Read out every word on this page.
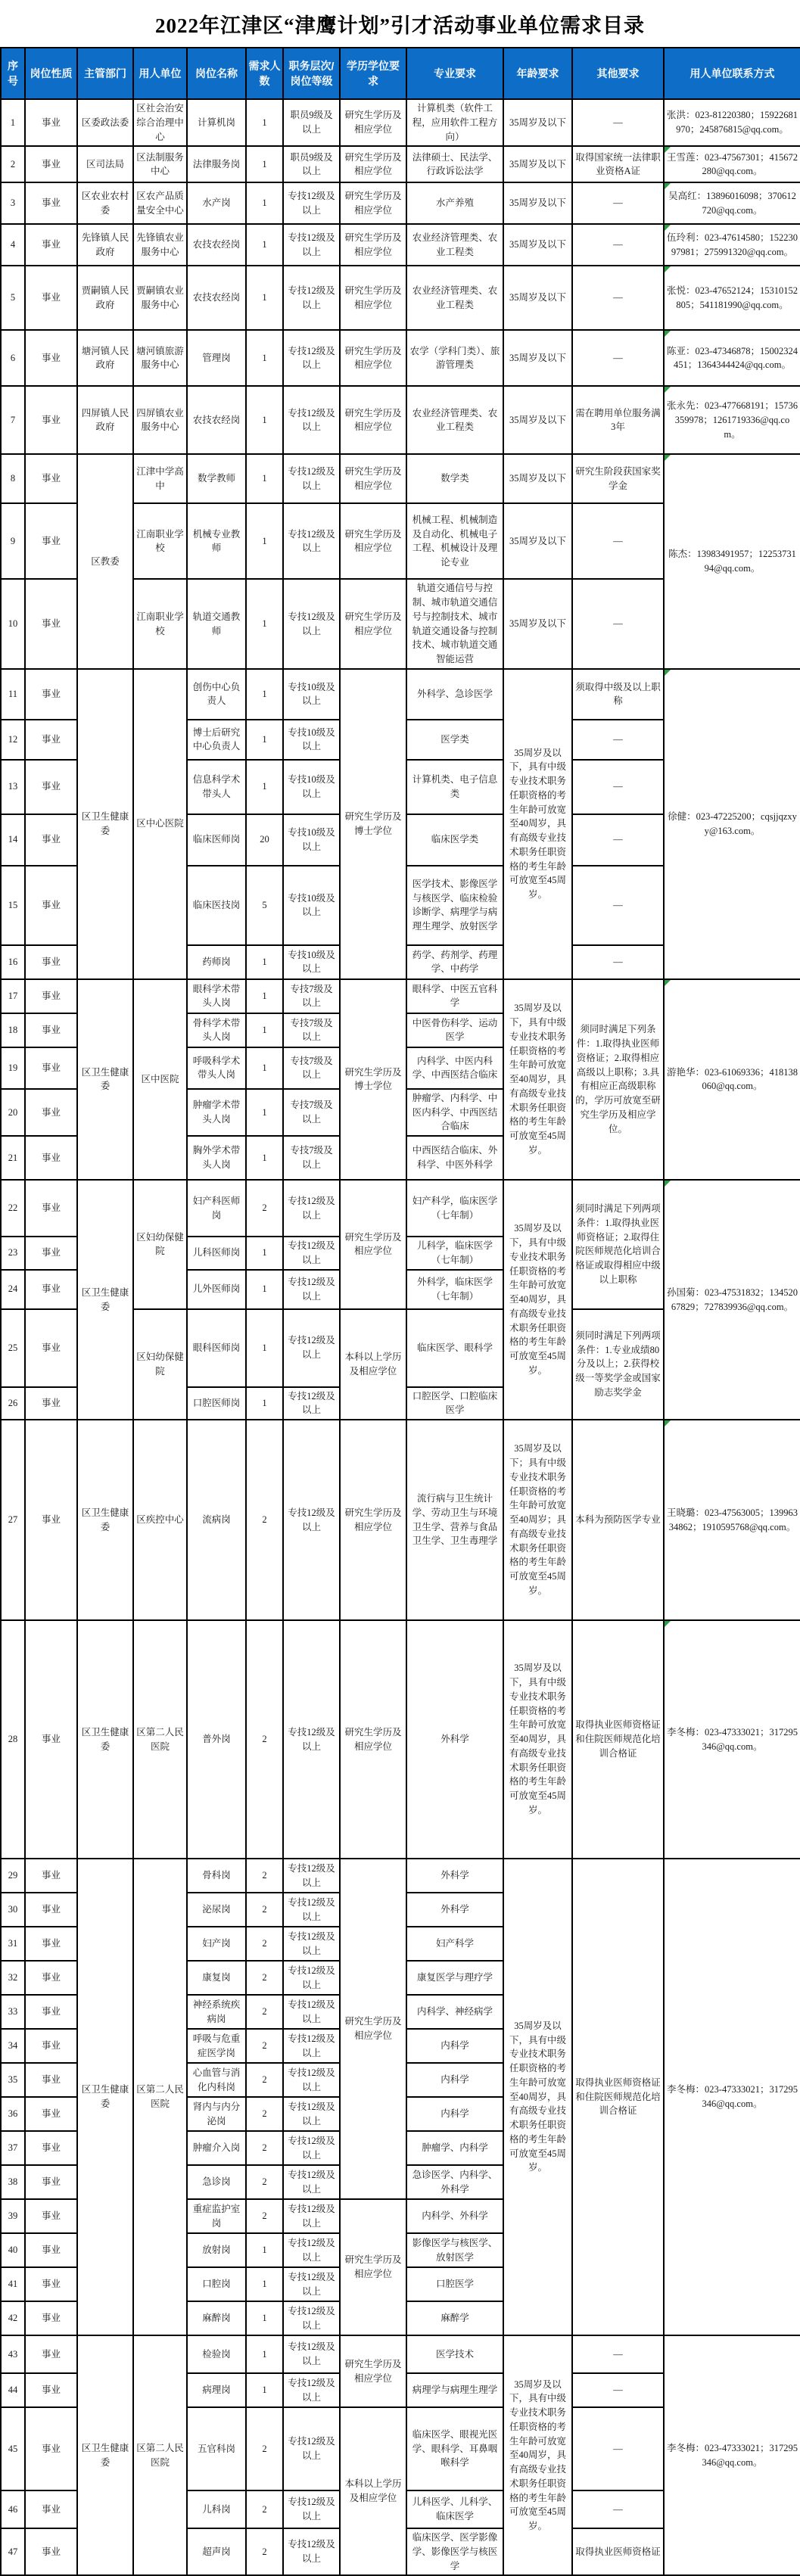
2022年江津区“津鹰计划”引才活动事业单位需求目录
序号	岗位性质	主管部门	用人单位	岗位名称	需求人数	职务层次/岗位等级	学历学位要求	专业要求	年龄要求	其他要求	用人单位联系方式
1	事业	区委政法委	区社会治安综合治理中心	计算机岗	1	职员9级及以上	研究生学历及相应学位	计算机类（软件工程，应用软件工程方向）	35周岁及以下	—	张洪：023-81220380；15922681970；245876815@qq.com。
2	事业	区司法局	区法制服务中心	法律服务岗	1	职员9级及以上	研究生学历及相应学位	法律硕士、民法学、行政诉讼法学	35周岁及以下	取得国家统一法律职业资格A证	王雪莲：023-47567301；415672280@qq.com。
3	事业	区农业农村委	区农产品质量安全中心	水产岗	1	专技12级及以上	研究生学历及相应学位	水产养殖	35周岁及以下	—	吴高红：13896016098；370612720@qq.com。
4	事业	先锋镇人民政府	先锋镇农业服务中心	农技农经岗	1	专技12级及以上	研究生学历及相应学位	农业经济管理类、农业工程类	35周岁及以下	—	伍玲利：023-47614580；15223097981；275991320@qq.com。
5	事业	贾嗣镇人民政府	贾嗣镇农业服务中心	农技农经岗	1	专技12级及以上	研究生学历及相应学位	农业经济管理类、农业工程类	35周岁及以下	—	张悦：023-47652124；15310152805；541181990@qq.com。
6	事业	塘河镇人民政府	塘河镇旅游服务中心	管理岗	1	专技12级及以上	研究生学历及相应学位	农学（学科门类）、旅游管理类	35周岁及以下	—	陈亚：023-47346878；15002324451；1364344424@qq.com。
7	事业	四屏镇人民政府	四屏镇农业服务中心	农技农经岗	1	专技12级及以上	研究生学历及相应学位	农业经济管理类、农业工程类	35周岁及以下	需在聘用单位服务满3年	张永先：023-477668191；15736359978；1261719336@qq.com。
8	事业	区教委	江津中学高中	数学教师	1	专技12级及以上	研究生学历及相应学位	数学类	35周岁及以下	研究生阶段获国家奖学金	陈杰：13983491957；1225373194@qq.com。
9	事业		江南职业学校	机械专业教师	1	专技12级及以上	研究生学历及相应学位	机械工程、机械制造及自动化、机械电子工程、机械设计及理论专业	35周岁及以下	—	
10	事业		江南职业学校	轨道交通教师	1	专技12级及以上	研究生学历及相应学位	轨道交通信号与控制、城市轨道交通信号与控制技术、城市轨道交通设备与控制技术、城市轨道交通智能运营	35周岁及以下	—	
11	事业	区卫生健康委	区中心医院	创伤中心负责人	1	专技10级及以上	研究生学历及博士学位	外科学、急诊医学	35周岁及以下，具有中级专业技术职务任职资格的考生年龄可放宽至40周岁，具有高级专业技术职务任职资格的考生年龄可放宽至45周岁。	须取得中级及以上职称	徐健：023-47225200；cqsjjqzxyy@163.com。
12	事业			博士后研究中心负责人	1	专技10级及以上		医学类		—	
13	事业			信息科学术带头人	1	专技10级及以上		计算机类、电子信息类		—	
14	事业			临床医师岗	20	专技10级及以上		临床医学类		—	
15	事业			临床医技岗	5	专技10级及以上		医学技术、影像医学与核医学、临床检验诊断学、病理学与病理生理学、放射医学		—	
16	事业			药师岗	1	专技10级及以上		药学、药剂学、药理学、中药学		—	
17	事业	区卫生健康委	区中医院	眼科学术带头人岗	1	专技7级及以上	研究生学历及博士学位	眼科学、中医五官科学	35周岁及以下，具有中级专业技术职务任职资格的考生年龄可放宽至40周岁，具有高级专业技术职务任职资格的考生年龄可放宽至45周岁。	须同时满足下列条件：1.取得执业医师资格证；2.取得相应高级以上职称；3.具有相应正高级职称的，学历可放宽至研究生学历及相应学位。	游艳华：023-61069336；418138060@qq.com。
18	事业			骨科学术带头人岗	1	专技7级及以上		中医骨伤科学、运动医学			
19	事业			呼吸科学术带头人岗	1	专技7级及以上		内科学、中医内科学、中西医结合临床			
20	事业			肿瘤学术带头人岗	1	专技7级及以上		肿瘤学、内科学、中医内科学、中西医结合临床			
21	事业			胸外学术带头人岗	1	专技7级及以上		中西医结合临床、外科学、中医外科学			
22	事业	区卫生健康委	区妇幼保健院	妇产科医师岗	2	专技12级及以上	研究生学历及相应学位	妇产科学，临床医学（七年制）	35周岁及以下，具有中级专业技术职务任职资格的考生年龄可放宽至40周岁，具有高级专业技术职务任职资格的考生年龄可放宽至45周岁。	须同时满足下列两项条件：1.取得执业医师资格证；2.取得住院医师规范化培训合格证或取得相应中级以上职称	孙国菊：023-47531832；13452067829；727839936@qq.com。
23	事业			儿科医师岗	1	专技12级及以上		儿科学，临床医学（七年制）			
24	事业			儿外医师岗	1	专技12级及以上		外科学，临床医学（七年制）			
25	事业		区妇幼保健院	眼科医师岗	1	专技12级及以上	本科以上学历及相应学位	临床医学、眼科学		须同时满足下列两项条件：1.专业成绩80分及以上；2.获得校级一等奖学金或国家励志奖学金	
26	事业			口腔医师岗	1	专技12级及以上		口腔医学、口腔临床医学			
27	事业	区卫生健康委	区疾控中心	流病岗	2	专技12级及以上	研究生学历及相应学位	流行病与卫生统计学、劳动卫生与环境卫生学、营养与食品卫生学、卫生毒理学	35周岁及以下；具有中级专业技术职务任职资格的考生年龄可放宽至40周岁；具有高级专业技术职务任职资格的考生年龄可放宽至45周岁。	本科为预防医学专业	王晓璐：023-47563005；13996334862；1910595768@qq.com。
28	事业	区卫生健康委	区第二人民医院	普外岗	2	专技12级及以上	研究生学历及相应学位	外科学	35周岁及以下，具有中级专业技术职务任职资格的考生年龄可放宽至40周岁，具有高级专业技术职务任职资格的考生年龄可放宽至45周岁。	取得执业医师资格证和住院医师规范化培训合格证	李冬梅：023-47333021；317295346@qq.com。
29	事业	区卫生健康委	区第二人民医院	骨科岗	2	专技12级及以上	研究生学历及相应学位	外科学	35周岁及以下，具有中级专业技术职务任职资格的考生年龄可放宽至40周岁，具有高级专业技术职务任职资格的考生年龄可放宽至45周岁。	取得执业医师资格证和住院医师规范化培训合格证	李冬梅：023-47333021；317295346@qq.com。
30	事业			泌尿岗	2	专技12级及以上		外科学			
31	事业			妇产岗	2	专技12级及以上		妇产科学			
32	事业			康复岗	2	专技12级及以上		康复医学与理疗学			
33	事业			神经系统疾病岗	2	专技12级及以上		内科学、神经病学			
34	事业			呼吸与危重症医学岗	2	专技12级及以上		内科学			
35	事业			心血管与消化内科岗	2	专技12级及以上		内科学			
36	事业			肾内与内分泌岗	2	专技12级及以上		内科学			
37	事业			肿瘤介入岗	2	专技12级及以上		肿瘤学、内科学			
38	事业			急诊岗	2	专技12级及以上		急诊医学、内科学、外科学			
39	事业			重症监护室岗	2	专技12级及以上	研究生学历及相应学位	内科学、外科学			
40	事业			放射岗	1	专技12级及以上		影像医学与核医学、放射医学			
41	事业			口腔岗	1	专技12级及以上		口腔医学			
42	事业			麻醉岗	1	专技12级及以上		麻醉学			
43	事业	区卫生健康委	区第二人民医院	检验岗	1	专技12级及以上	研究生学历及相应学位	医学技术	35周岁及以下，具有中级专业技术职务任职资格的考生年龄可放宽至40周岁，具有高级专业技术职务任职资格的考生年龄可放宽至45周岁。	—	李冬梅：023-47333021；317295346@qq.com。
44	事业			病理岗	1	专技12级及以上		病理学与病理生理学		—	
45	事业			五官科岗	2	专技12级及以上	本科以上学历及相应学位	临床医学、眼视光医学、眼科学、耳鼻咽喉科学		—	
46	事业			儿科岗	2	专技12级及以上		儿科医学、儿科学、临床医学		—	
47	事业			超声岗	2	专技12级及以上		临床医学、医学影像学、影像医学与核医学		取得执业医师资格证	
